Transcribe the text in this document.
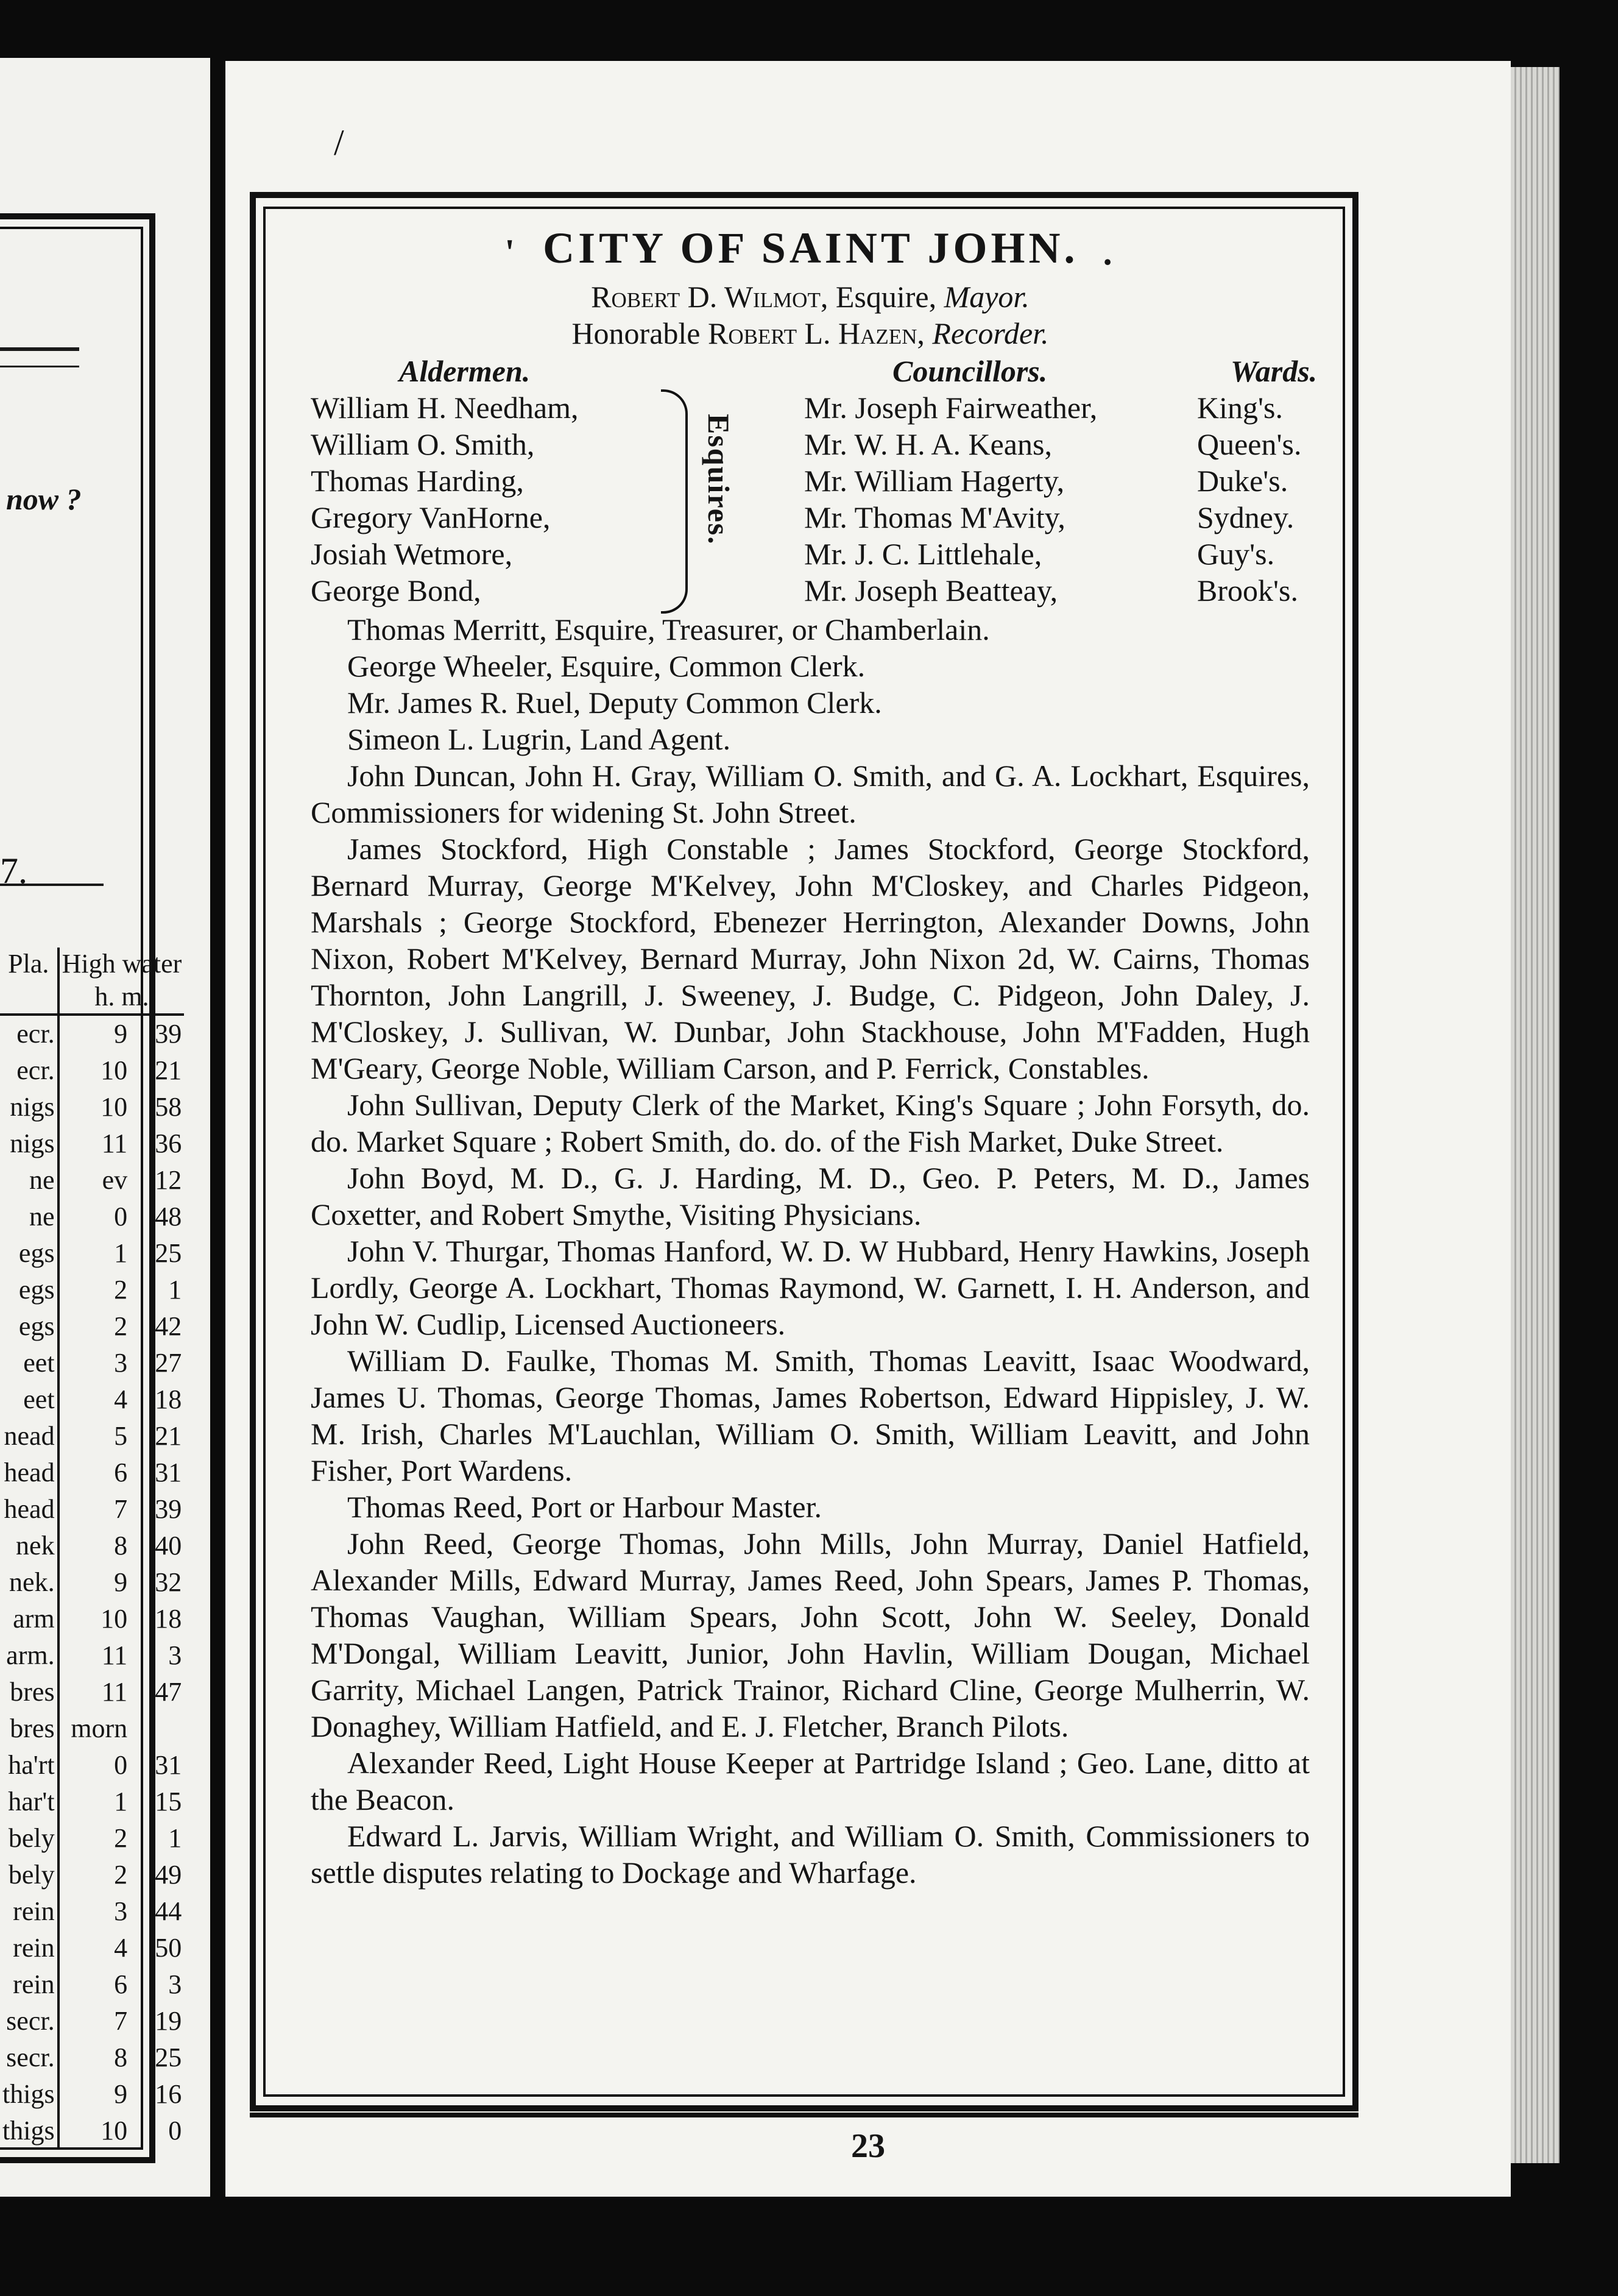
now ?
7.
Pla.	High water	
	h. m.	
ecr.	9	39
ecr.	10	21
nigs	10	58
nigs	11	36
ne	ev	12
ne	0	48
egs	1	25
egs	2	1
egs	2	42
eet	3	27
eet	4	18
nead	5	21
head	6	31
head	7	39
nek	8	40
nek.	9	32
arm	10	18
arm.	11	3
bres	11	47
bres	morn	
ha'rt	0	31
har't	1	15
bely	2	1
bely	2	49
rein	3	44
rein	4	50
rein	6	3
secr.	7	19
secr.	8	25
thigs	9	16
thigs	10	0
/
' CITY OF SAINT JOHN. .
Robert D. Wilmot, Esquire, Mayor.
Honorable Robert L. Hazen, Recorder.
Aldermen.	Councillors.	Wards.
William H. Needham,	Mr. Joseph Fairweather,	King's.
William O. Smith,	Mr. W. H. A. Keans,	Queen's.
Thomas Harding,	Mr. William Hagerty,	Duke's.
Gregory VanHorne,	Mr. Thomas M'Avity,	Sydney.
Josiah Wetmore,	Mr. J. C. Littlehale,	Guy's.
George Bond,	Mr. Joseph Beatteay,	Brook's.
Esquires.

Thomas Merritt, Esquire, Treasurer, or Chamberlain.

George Wheeler, Esquire, Common Clerk.

Mr. James R. Ruel, Deputy Common Clerk.

Simeon L. Lugrin, Land Agent.

John Duncan, John H. Gray, William O. Smith, and G. A. Lockhart, Esquires, Commissioners for widening St. John Street.

James Stockford, High Constable ; James Stockford, George Stockford, Bernard Murray, George M'Kelvey, John M'Closkey, and Charles Pidgeon, Marshals ; George Stockford, Ebenezer Herrington, Alexander Downs, John Nixon, Robert M'Kelvey, Bernard Murray, John Nixon 2d, W. Cairns, Thomas Thornton, John Langrill, J. Sweeney, J. Budge, C. Pidgeon, John Daley, J. M'Closkey, J. Sullivan, W. Dunbar, John Stackhouse, John M'Fadden, Hugh M'Geary, George Noble, William Carson, and P. Ferrick, Constables.

John Sullivan, Deputy Clerk of the Market, King's Square ; John Forsyth, do. do. Market Square ; Robert Smith, do. do. of the Fish Market, Duke Street.

John Boyd, M. D., G. J. Harding, M. D., Geo. P. Peters, M. D., James Coxetter, and Robert Smythe, Visiting Physicians.

John V. Thurgar, Thomas Hanford, W. D. W Hubbard, Henry Hawkins, Joseph Lordly, George A. Lockhart, Thomas Raymond, W. Garnett, I. H. Anderson, and John W. Cudlip, Licensed Auctioneers.

William D. Faulke, Thomas M. Smith, Thomas Leavitt, Isaac Woodward, James U. Thomas, George Thomas, James Robertson, Edward Hippisley, J. W. M. Irish, Charles M'Lauchlan, William O. Smith, William Leavitt, and John Fisher, Port Wardens.

Thomas Reed, Port or Harbour Master.

John Reed, George Thomas, John Mills, John Murray, Daniel Hatfield, Alexander Mills, Edward Murray, James Reed, John Spears, James P. Thomas, Thomas Vaughan, William Spears, John Scott, John W. Seeley, Donald M'Dongal, William Leavitt, Junior, John Havlin, William Dougan, Michael Garrity, Michael Langen, Patrick Trainor, Richard Cline, George Mulherrin, W. Donaghey, William Hatfield, and E. J. Fletcher, Branch Pilots.

Alexander Reed, Light House Keeper at Partridge Island ; Geo. Lane, ditto at the Beacon.

Edward L. Jarvis, William Wright, and William O. Smith, Commissioners to settle disputes relating to Dockage and Wharfage.

23
